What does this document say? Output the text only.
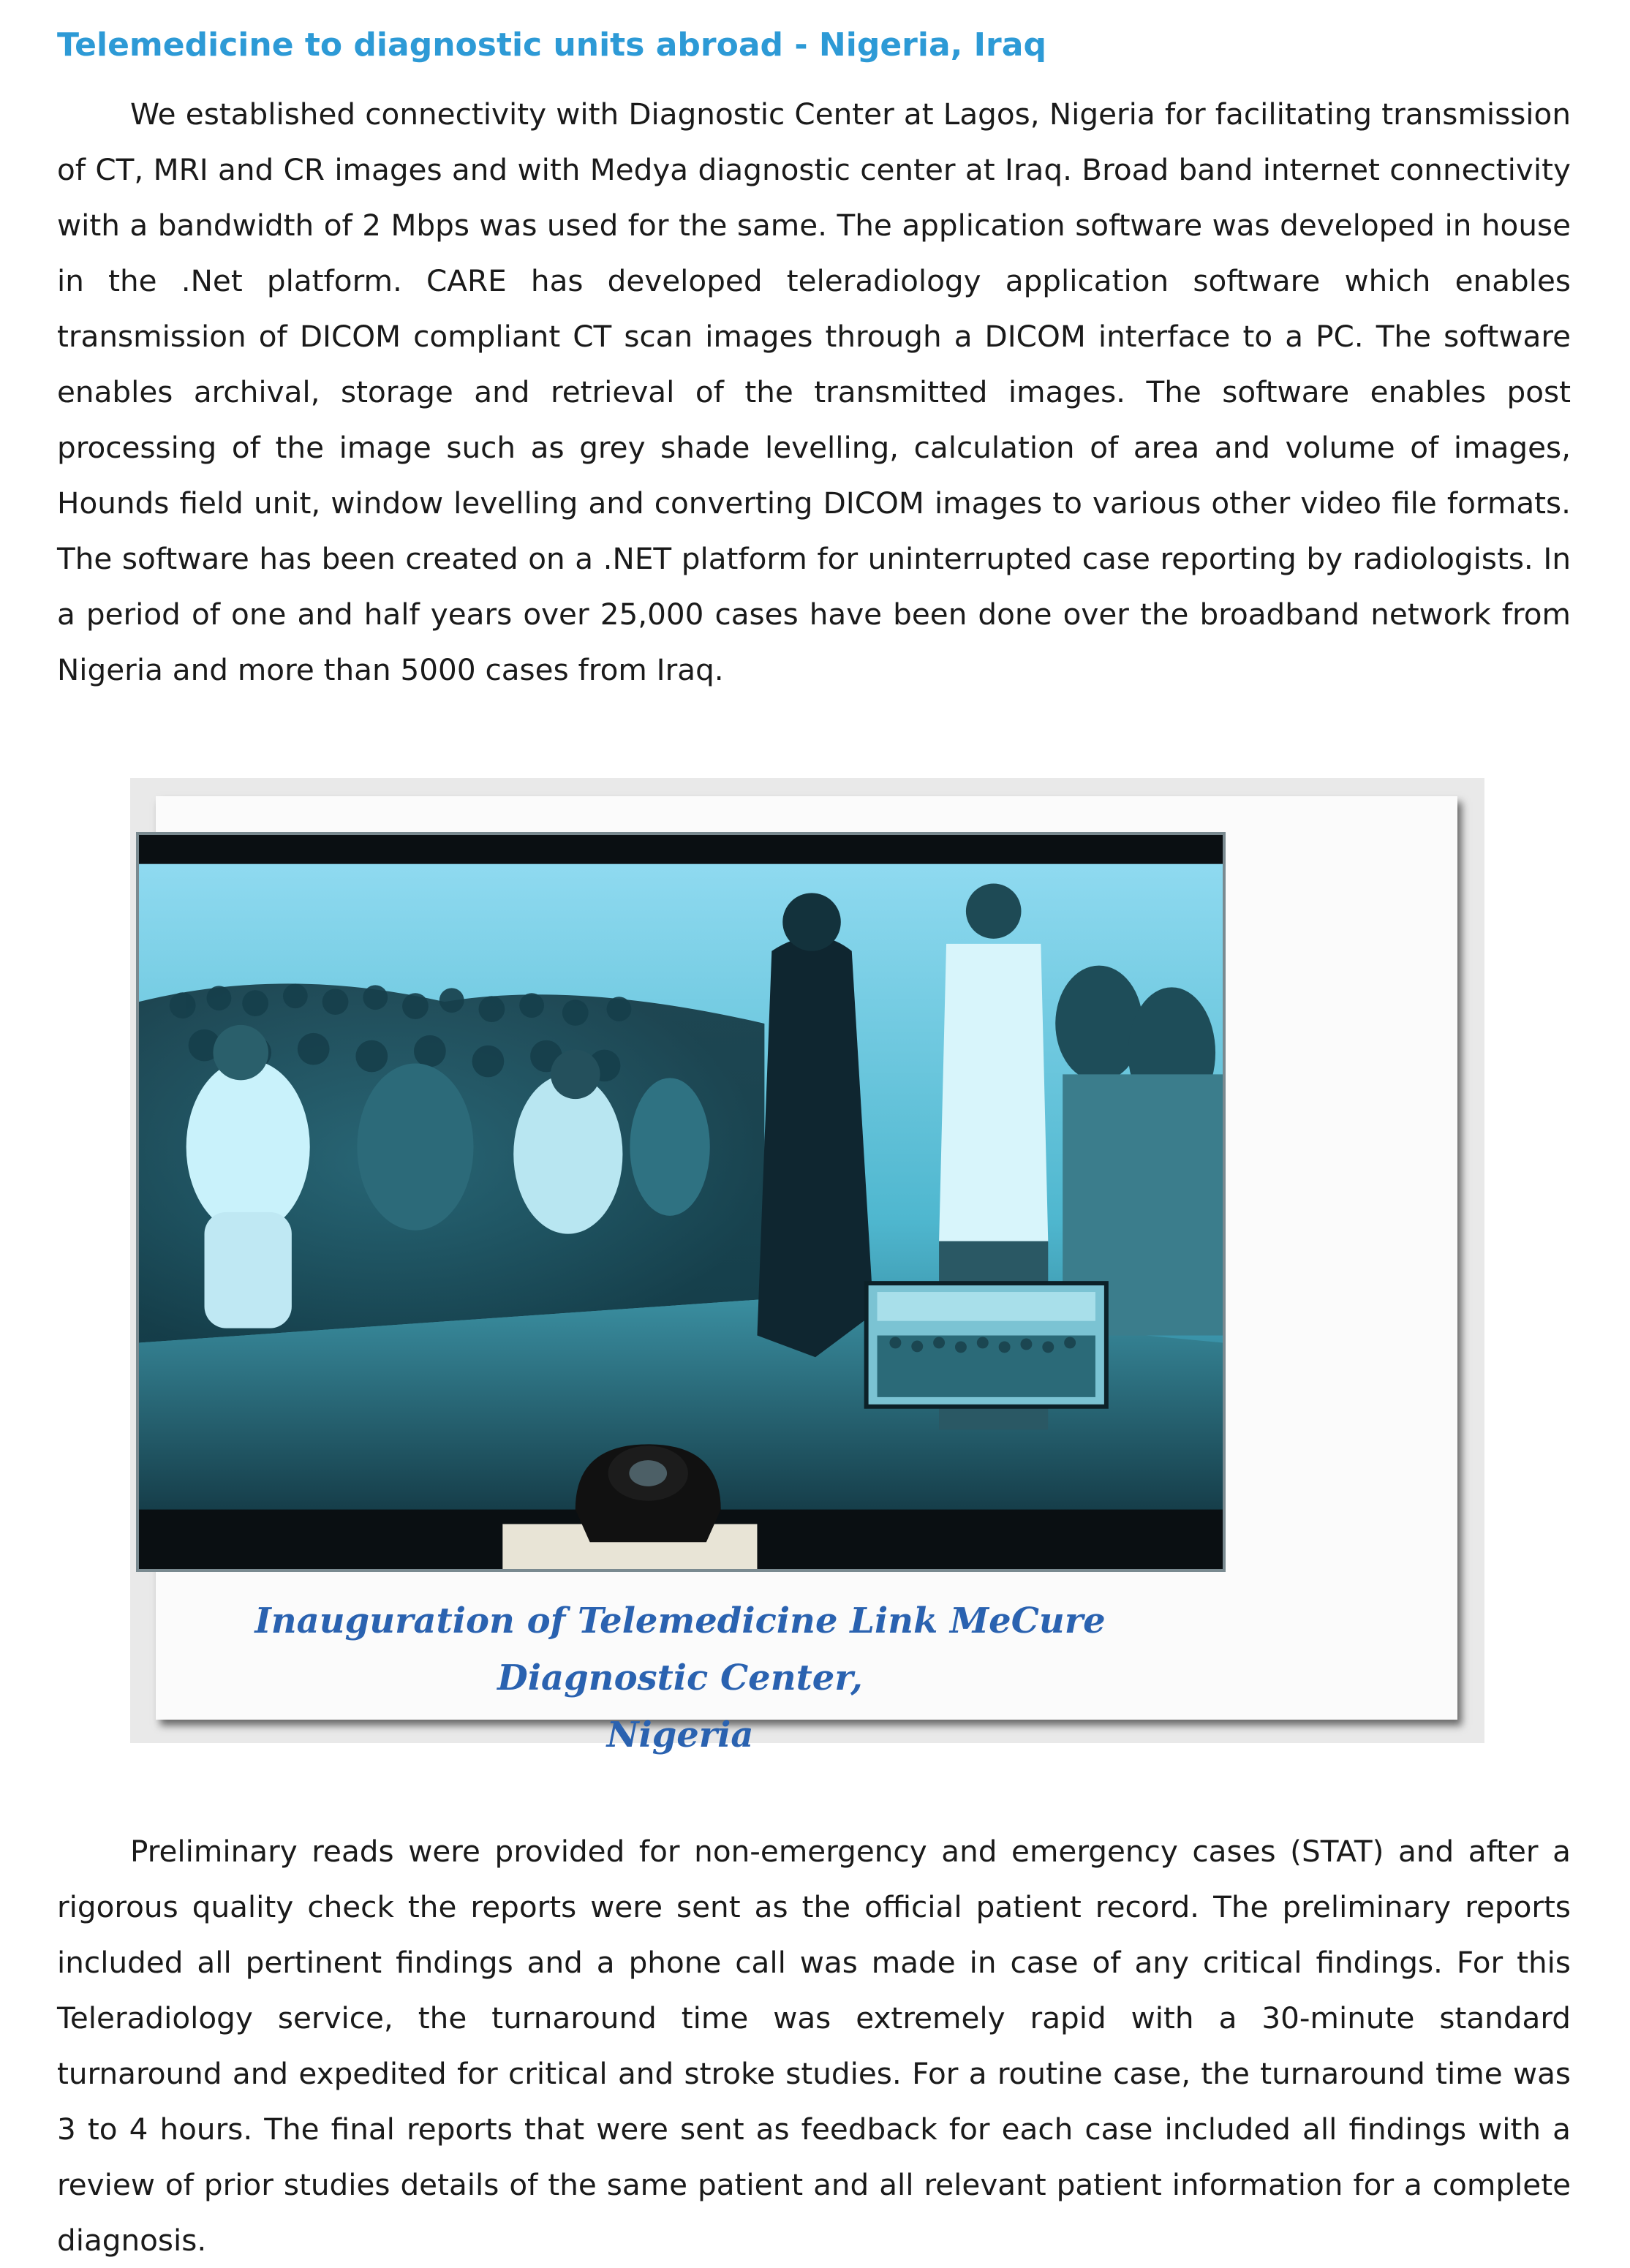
Telemedicine to diagnostic units abroad - Nigeria, Iraq

We established connectivity with Diagnostic Center at Lagos, Nigeria for facilitating transmission of CT, MRI and CR images and with Medya diagnostic center at Iraq. Broad band internet connectivity with a bandwidth of 2 Mbps was used for the same. The application software was developed in house in the .Net platform. CARE has developed teleradiology application software which enables transmission of DICOM compliant CT scan images through a DICOM interface to a PC. The software enables archival, storage and retrieval of the transmitted images. The software enables post processing of the image such as grey shade levelling, calculation of area and volume of images, Hounds field unit, window levelling and converting DICOM images to various other video file formats. The software has been created on a .NET platform for uninterrupted case reporting by radiologists. In a period of one and half years over 25,000 cases have been done over the broadband network from Nigeria and more than 5000 cases from Iraq.

Inauguration of Telemedicine Link MeCure Diagnostic Center,
Nigeria

Preliminary reads were provided for non-emergency and emergency cases (STAT) and after a rigorous quality check the reports were sent as the official patient record. The preliminary reports included all pertinent findings and a phone call was made in case of any critical findings. For this Teleradiology service, the turnaround time was extremely rapid with a 30-minute standard turnaround and expedited for critical and stroke studies. For a routine case, the turnaround time was 3 to 4 hours. The final reports that were sent as feedback for each case included all findings with a review of prior studies details of the same patient and all relevant patient information for a complete diagnosis.
